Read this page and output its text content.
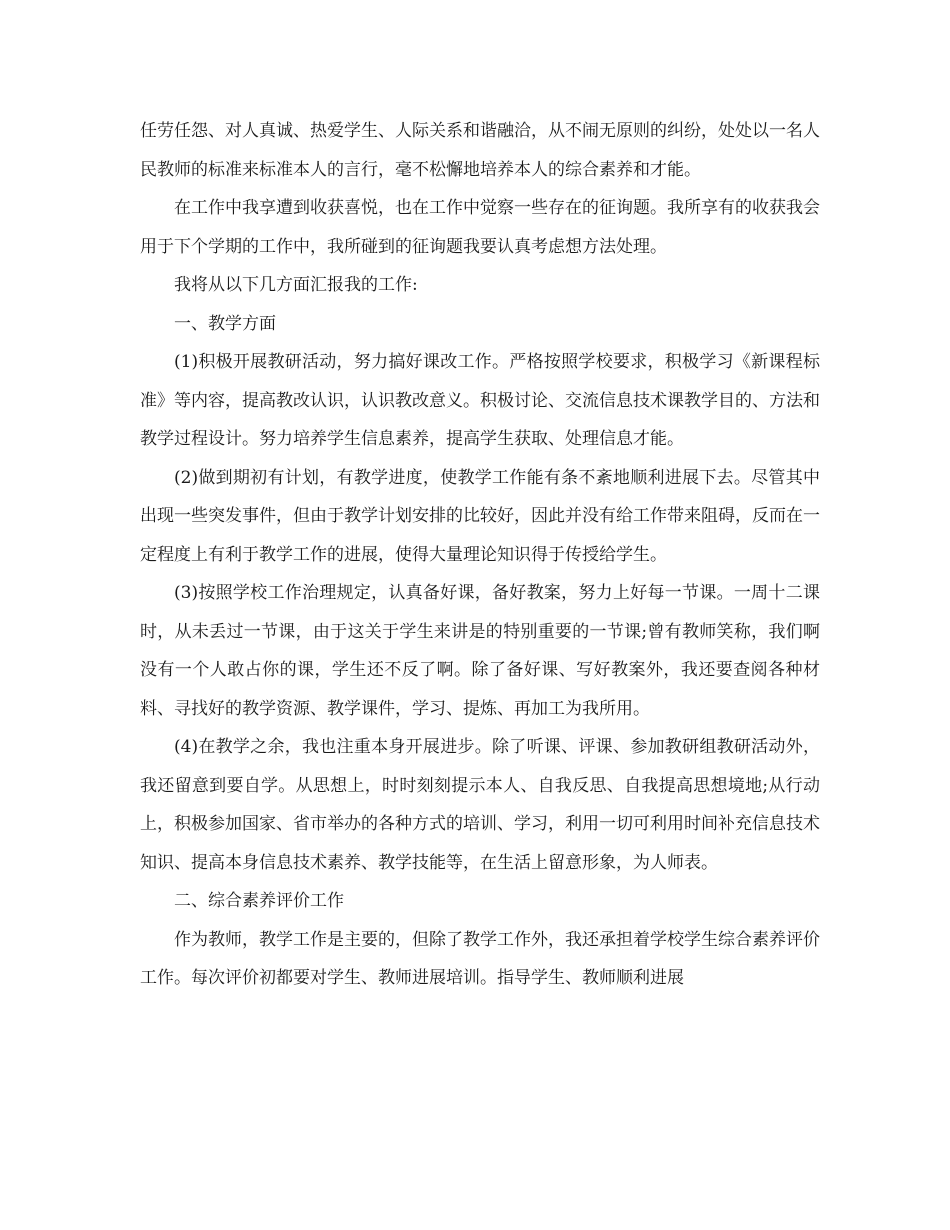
任劳任怨、对人真诚、热爱学生、人际关系和谐融洽，从不闹无原则的纠纷，处处以一名人民教师的标准来标准本人的言行，毫不松懈地培养本人的综合素养和才能。

在工作中我享遭到收获喜悦，也在工作中觉察一些存在的征询题。我所享有的收获我会用于下个学期的工作中，我所碰到的征询题我要认真考虑想方法处理。

我将从以下几方面汇报我的工作:

一、教学方面

(1)积极开展教研活动，努力搞好课改工作。严格按照学校要求，积极学习《新课程标准》等内容，提高教改认识，认识教改意义。积极讨论、交流信息技术课教学目的、方法和教学过程设计。努力培养学生信息素养，提高学生获取、处理信息才能。

(2)做到期初有计划，有教学进度，使教学工作能有条不紊地顺利进展下去。尽管其中出现一些突发事件，但由于教学计划安排的比较好，因此并没有给工作带来阻碍，反而在一定程度上有利于教学工作的进展，使得大量理论知识得于传授给学生。

(3)按照学校工作治理规定，认真备好课，备好教案，努力上好每一节课。一周十二课时，从未丢过一节课，由于这关于学生来讲是的特别重要的一节课;曾有教师笑称，我们啊没有一个人敢占你的课，学生还不反了啊。除了备好课、写好教案外，我还要查阅各种材料、寻找好的教学资源、教学课件，学习、提炼、再加工为我所用。

(4)在教学之余，我也注重本身开展进步。除了听课、评课、参加教研组教研活动外，我还留意到要自学。从思想上，时时刻刻提示本人、自我反思、自我提高思想境地;从行动上，积极参加国家、省市举办的各种方式的培训、学习，利用一切可利用时间补充信息技术知识、提高本身信息技术素养、教学技能等，在生活上留意形象，为人师表。

二、综合素养评价工作

作为教师，教学工作是主要的，但除了教学工作外，我还承担着学校学生综合素养评价工作。每次评价初都要对学生、教师进展培训。指导学生、教师顺利进展
